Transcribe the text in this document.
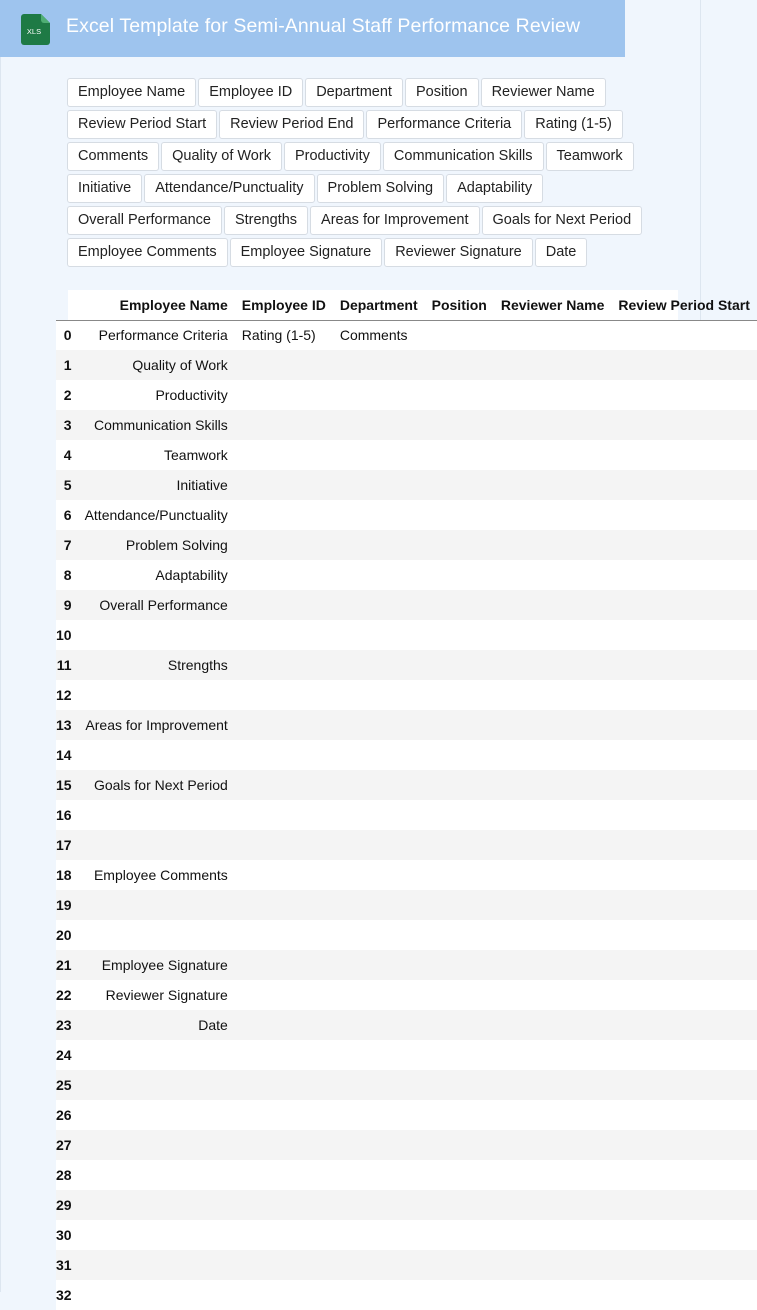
XLS Excel Template for Semi-Annual Staff Performance Review
Employee Name	Employee ID	Department	Position	Reviewer Name
Review Period Start	Review Period End	Performance Criteria	Rating (1-5)
Comments	Quality of Work	Productivity	Communication Skills	Teamwork
Initiative	Attendance/Punctuality	Problem Solving	Adaptability
Overall Performance	Strengths	Areas for Improvement	Goals for Next Period
Employee Comments	Employee Signature	Reviewer Signature	Date
	Employee Name	Employee ID	Department	Position	Reviewer Name	Review Period Start
0	Performance Criteria	Rating (1-5)	Comments			
1	Quality of Work					
2	Productivity					
3	Communication Skills					
4	Teamwork					
5	Initiative					
6	Attendance/Punctuality					
7	Problem Solving					
8	Adaptability					
9	Overall Performance					
10						
11	Strengths					
12						
13	Areas for Improvement					
14						
15	Goals for Next Period					
16						
17						
18	Employee Comments					
19						
20						
21	Employee Signature					
22	Reviewer Signature					
23	Date					
24						
25						
26						
27						
28						
29						
30						
31						
32						
